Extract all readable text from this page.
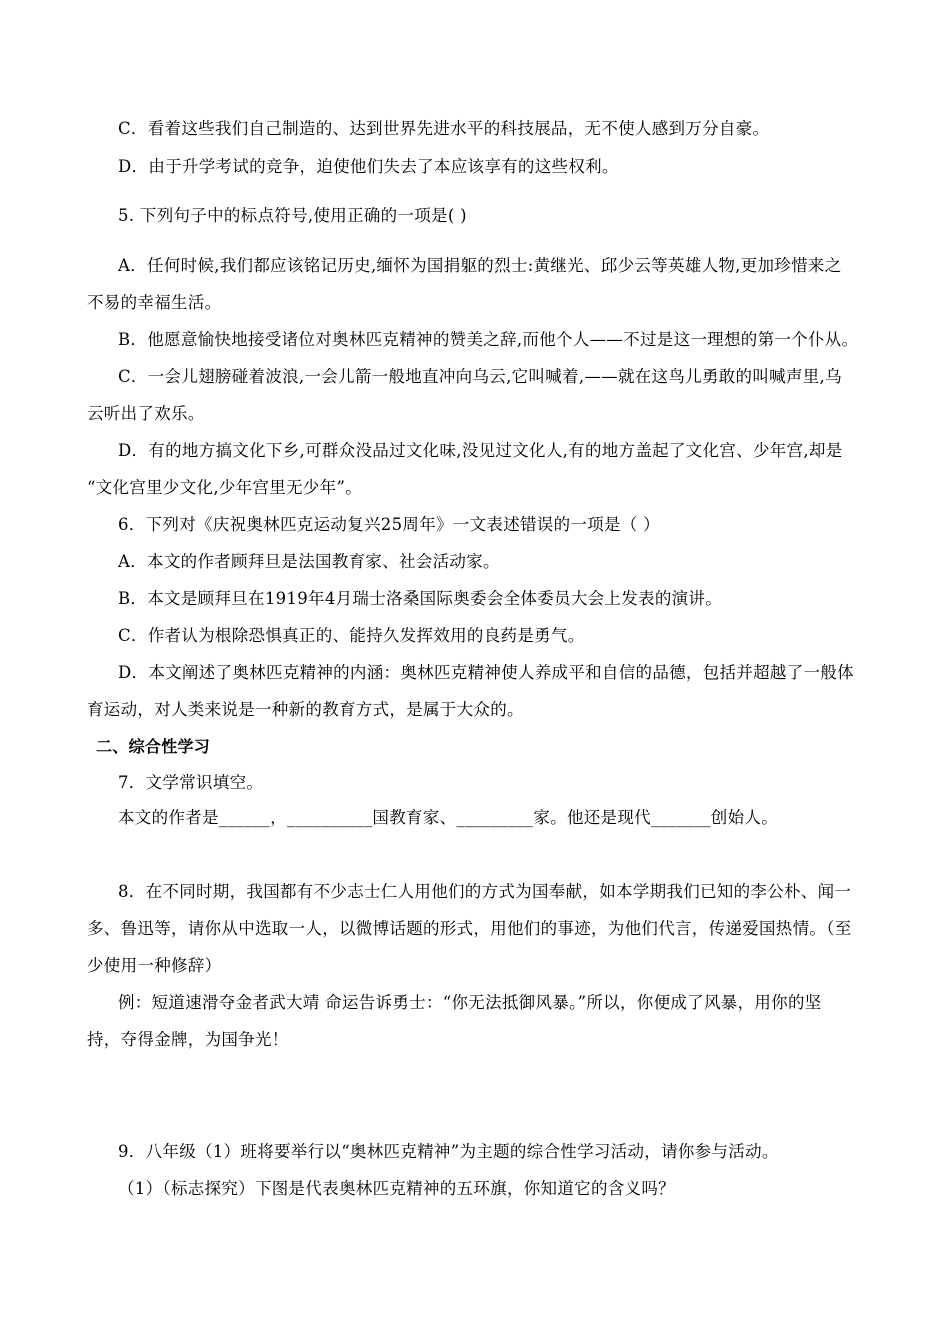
C．看着这些我们自己制造的、达到世界先进水平的科技展品，无不使人感到万分自豪。
D．由于升学考试的竞争，迫使他们失去了本应该享有的这些权利。
5. 下列句子中的标点符号,使用正确的一项是( )
A．任何时候,我们都应该铭记历史,缅怀为国捐躯的烈士:黄继光、邱少云等英雄人物,更加珍惜来之
不易的幸福生活。
B．他愿意愉快地接受诸位对奥林匹克精神的赞美之辞,而他个人——不过是这一理想的第一个仆从。
C．一会儿翅膀碰着波浪,一会儿箭一般地直冲向乌云,它叫喊着,——就在这鸟儿勇敢的叫喊声里,乌
云听出了欢乐。
D．有的地方搞文化下乡,可群众没品过文化味,没见过文化人,有的地方盖起了文化宫、少年宫,却是
“文化宫里少文化,少年宫里无少年”。
6．下列对《庆祝奥林匹克运动复兴25周年》一文表述错误的一项是（ ）
A．本文的作者顾拜旦是法国教育家、社会活动家。
B．本文是顾拜旦在1919年4月瑞士洛桑国际奥委会全体委员大会上发表的演讲。
C．作者认为根除恐惧真正的、能持久发挥效用的良药是勇气。
D．本文阐述了奥林匹克精神的内涵：奥林匹克精神使人养成平和自信的品德，包括并超越了一般体
育运动，对人类来说是一种新的教育方式，是属于大众的。
二、综合性学习
7．文学常识填空。
本文的作者是______，__________国教育家、_________家。他还是现代_______创始人。
8．在不同时期，我国都有不少志士仁人用他们的方式为国奉献，如本学期我们已知的李公朴、闻一
多、鲁迅等，请你从中选取一人，以微博话题的形式，用他们的事迹，为他们代言，传递爱国热情。（至
少使用一种修辞）
例：短道速滑夺金者武大靖 命运告诉勇士：“你无法抵御风暴。”所以，你便成了风暴，用你的坚
持，夺得金牌，为国争光！
9．八年级（1）班将要举行以“奥林匹克精神”为主题的综合性学习活动，请你参与活动。
（1）（标志探究）下图是代表奥林匹克精神的五环旗，你知道它的含义吗？
